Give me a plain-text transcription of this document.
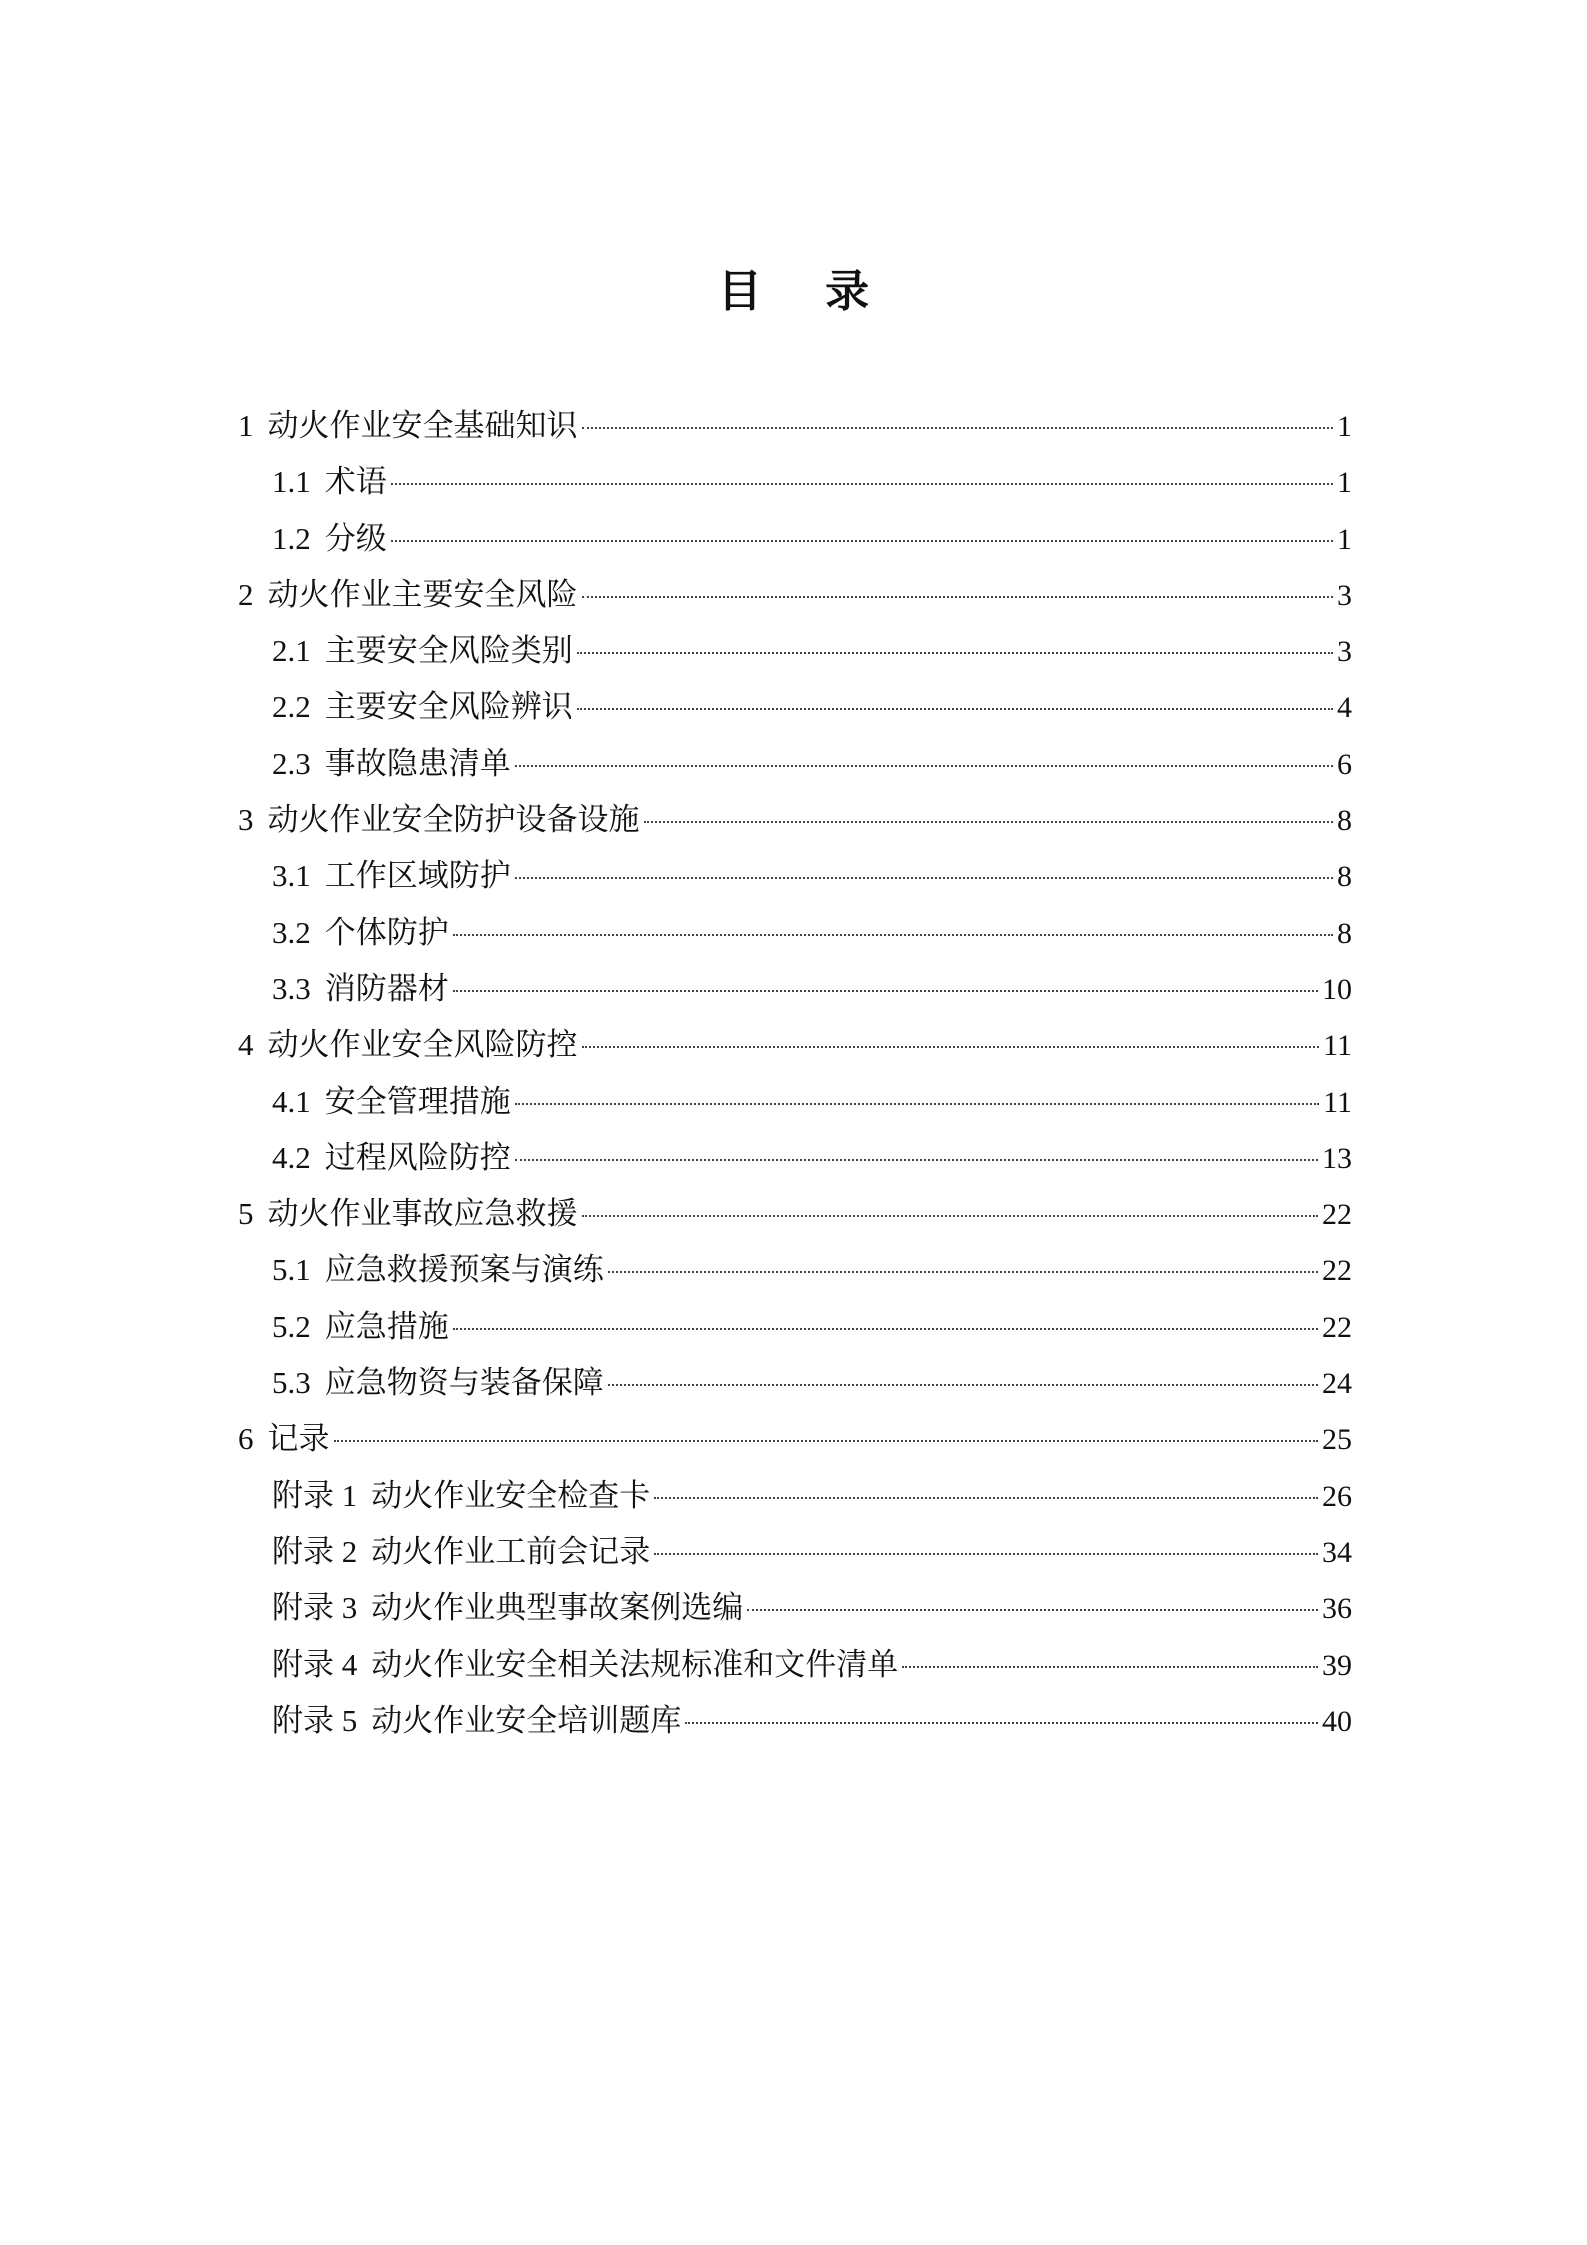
目 录
1 动火作业安全基础知识	1
1.1 术语	1
1.2 分级	1
2 动火作业主要安全风险	3
2.1 主要安全风险类别	3
2.2 主要安全风险辨识	4
2.3 事故隐患清单	6
3 动火作业安全防护设备设施	8
3.1 工作区域防护	8
3.2 个体防护	8
3.3 消防器材	10
4 动火作业安全风险防控	11
4.1 安全管理措施	11
4.2 过程风险防控	13
5 动火作业事故应急救援	22
5.1 应急救援预案与演练	22
5.2 应急措施	22
5.3 应急物资与装备保障	24
6 记录	25
附录 1 动火作业安全检查卡	26
附录 2 动火作业工前会记录	34
附录 3 动火作业典型事故案例选编	36
附录 4 动火作业安全相关法规标准和文件清单	39
附录 5 动火作业安全培训题库	40
